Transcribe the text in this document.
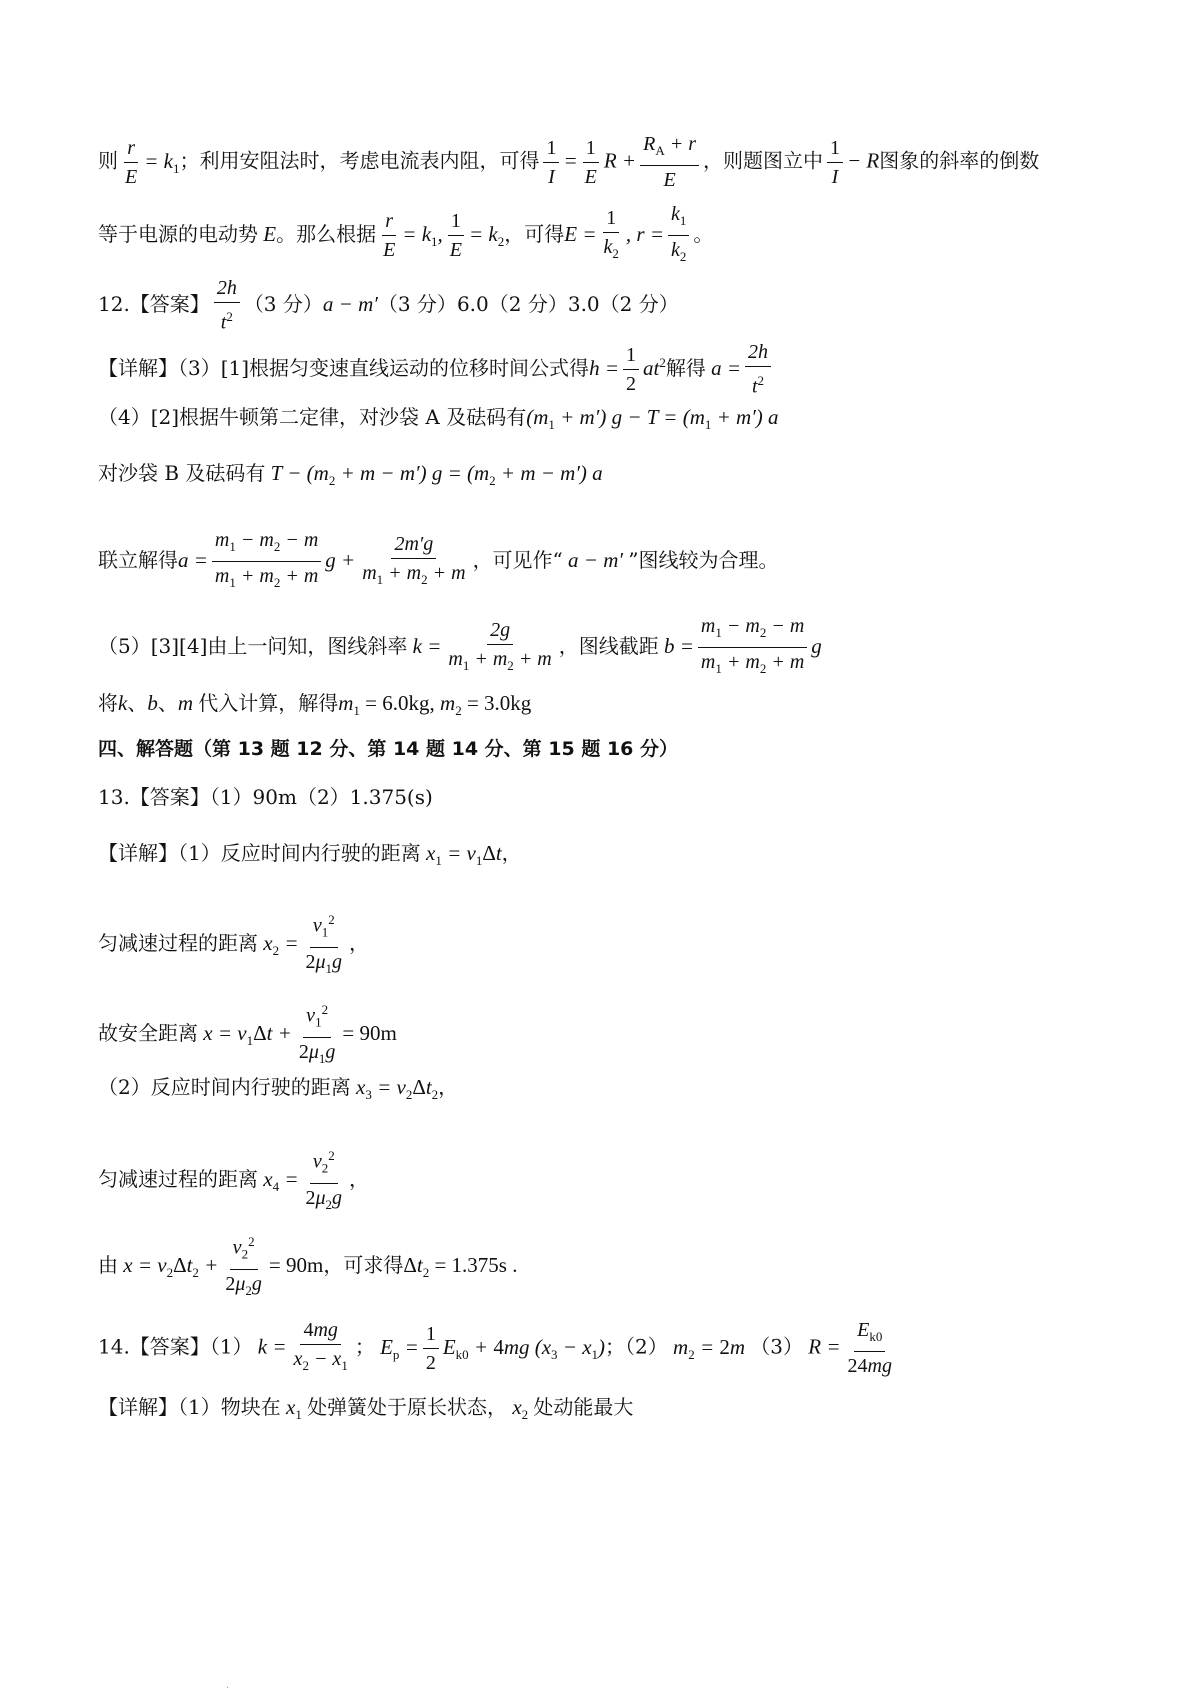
则 $\frac{r}{E} = k_1$；利用安阻法时，考虑电流表内阻，可得 $\frac{1}{I} = \frac{1}{E}$ $R + \frac{R_A + r}{E}$ ，则题图立中 $\frac{1}{I} - R$图象的斜率的倒数
等于电源的电动势 E。那么根据 $\frac{r}{E} = k_1$, $\frac{1}{E} = k_2$，可得$E = \frac{1}{k_2}$ , $r = \frac{k_1}{k_2}$ 。
12.【答案】 $\frac{2h}{t^2} (3$ 分）a − m′（3 分）6.0（2 分）3.0（2 分）
【详解】（3）[1]根据匀变速直线运动的位移时间公式得$h = \frac{1}{2} at^2$解得 $a = \frac{2h}{t^2}$
（4）[2]根据牛顿第二定律，对沙袋 A 及砝码有$(m_1 + m') g - T = (m_1 + m')$ a
对沙袋 B 及砝码有 $T - (m_2 + m - m') g = (m_2 + m - m')$ a
联立解得$a = \frac{m_1 - m_2 - m}{m_1 + m_2 + m}$ $g + \frac{2m'g}{m_1 + m_2 + m}$ ，可见作“ a − m′ ”图线较为合理。
（5）[3][4]由上一问知，图线斜率 $k = \frac{2g}{m_1 + m_2 + m}$ ，图线截距 $b = \frac{m_1 - m_2 - m}{m_1 + m_2 + m}$ g
将k、b、m 代入计算，解得$m_1 = 6.0kg$, $m_2 = 3.0kg$
四、解答题（第 13 题 12 分、第 14 题 14 分、第 15 题 16 分）
13.【答案】（1）90m（2）1.375(s)
【详解】（1）反应时间内行驶的距离 $x_1 = v_1\Delta t$，
匀减速过程的距离 $x_2 = \frac{v_1^2}{2\mu_1g}$ ，
故安全距离 $x = v_1\Delta t + \frac{v_1^2}{2\mu_1g} = 90m$
（2）反应时间内行驶的距离 $x_3 = v_2\Delta t_2$，
匀减速过程的距离 $x_4 = \frac{v_2^2}{2\mu_2g}$ ，
由 $x = v_2\Delta t_2 + \frac{v_2^2}{2\mu_2g} = 90m$，可求得$\Delta t_2 = 1.375s$ .
14.【答案】（1） $k = \frac{4mg}{x_2 - x_1}$ ； $E_p = \frac{1}{2} E_{k0} + 4mg$ $(x_3 - x_1)$；（2） $m_2 = 2m$ （3） $R = \frac{E_{k0}}{24mg}$
【详解】（1）物块在 $x_1$ 处弹簧处于原长状态， $x_2$ 处动能最大
.
